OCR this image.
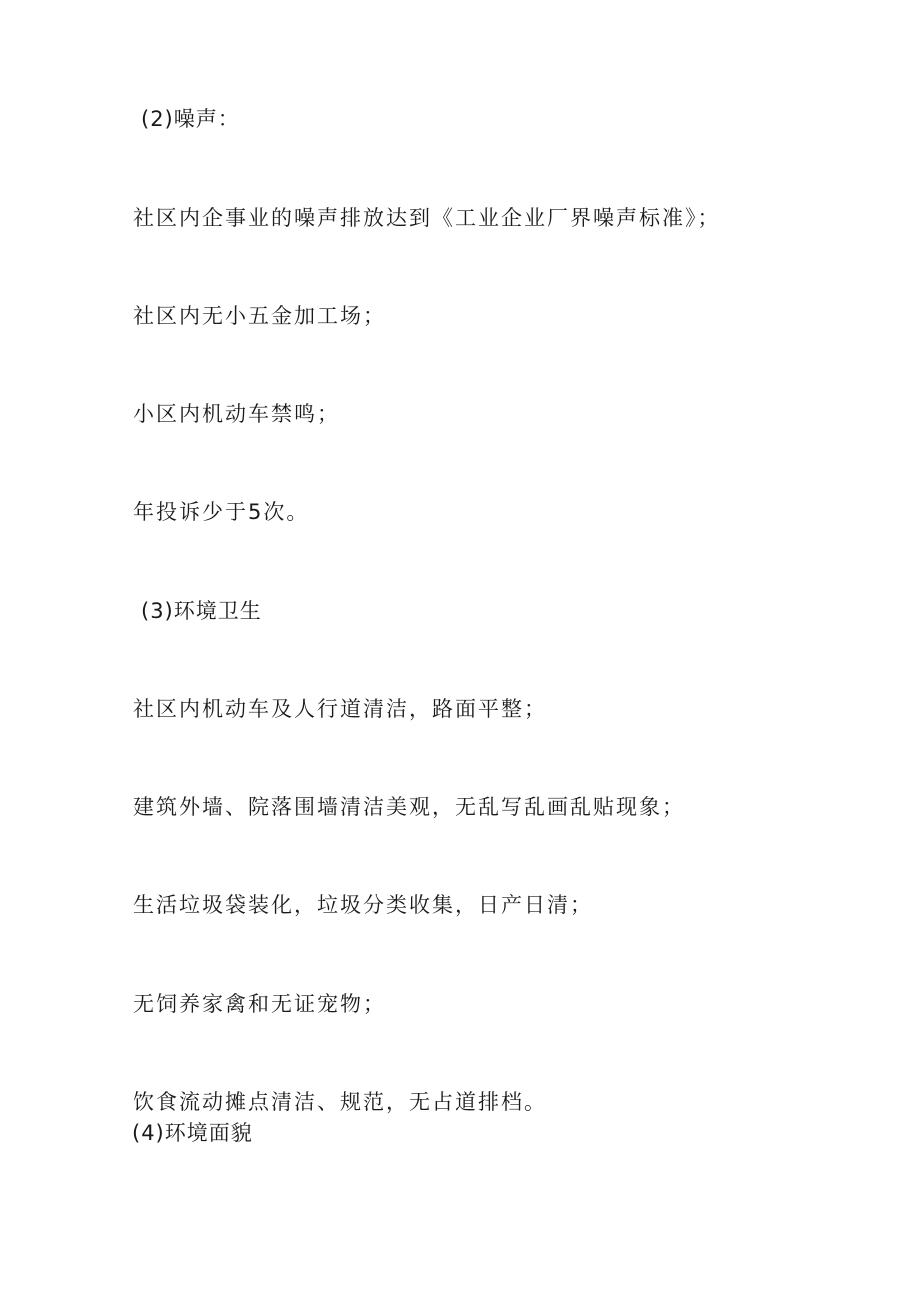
(2)噪声：
社区内企事业的噪声排放达到《工业企业厂界噪声标准》；
社区内无小五金加工场；
小区内机动车禁鸣；
年投诉少于5次。
(3)环境卫生
社区内机动车及人行道清洁，路面平整；
建筑外墙、院落围墙清洁美观，无乱写乱画乱贴现象；
生活垃圾袋装化，垃圾分类收集，日产日清；
无饲养家禽和无证宠物；
饮食流动摊点清洁、规范，无占道排档。
(4)环境面貌
